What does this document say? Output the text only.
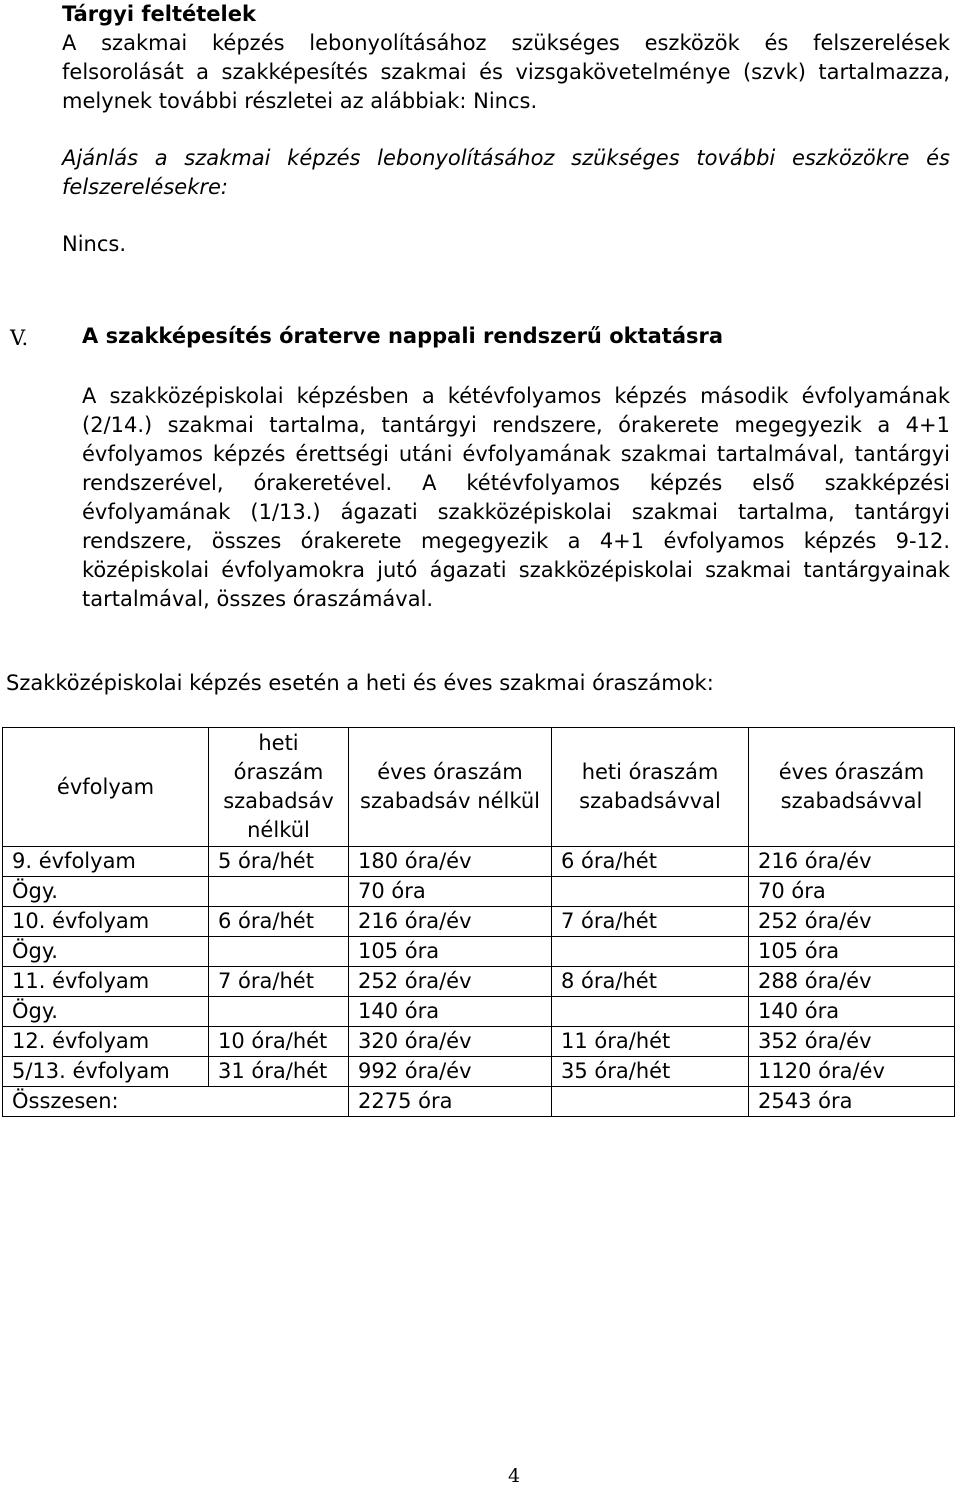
Tárgyi feltételek

A szakmai képzés lebonyolításához szükséges eszközök és felszerelések felsorolását a szakképesítés szakmai és vizsgakövetelménye (szvk) tartalmazza, melynek további részletei az alábbiak: Nincs.

Ajánlás a szakmai képzés lebonyolításához szükséges további eszközökre és felszerelésekre:

Nincs.

V.	A szakképesítés óraterve nappali rendszerű oktatásra

A szakközépiskolai képzésben a kétévfolyamos képzés második évfolyamának (2/14.) szakmai tartalma, tantárgyi rendszere, órakerete megegyezik a 4+1 évfolyamos képzés érettségi utáni évfolyamának szakmai tartalmával, tantárgyi rendszerével, órakeretével. A kétévfolyamos képzés első szakképzési évfolyamának (1/13.) ágazati szakközépiskolai szakmai tartalma, tantárgyi rendszere, összes órakerete megegyezik a 4+1 évfolyamos képzés 9-12. középiskolai évfolyamokra jutó ágazati szakközépiskolai szakmai tantárgyainak tartalmával, összes óraszámával.

Szakközépiskolai képzés esetén a heti és éves szakmai óraszámok:
évfolyam	heti óraszám szabadsáv nélkül	éves óraszám szabadsáv nélkül	heti óraszám szabadsávval	éves óraszám szabadsávval
9. évfolyam	5 óra/hét	180 óra/év	6 óra/hét	216 óra/év
Ögy.		70 óra		70 óra
10. évfolyam	6 óra/hét	216 óra/év	7 óra/hét	252 óra/év
Ögy.		105 óra		105 óra
11. évfolyam	7 óra/hét	252 óra/év	8 óra/hét	288 óra/év
Ögy.		140 óra		140 óra
12. évfolyam	10 óra/hét	320 óra/év	11 óra/hét	352 óra/év
5/13. évfolyam	31 óra/hét	992 óra/év	35 óra/hét	1120 óra/év
Összesen:		2275 óra		2543 óra
4
